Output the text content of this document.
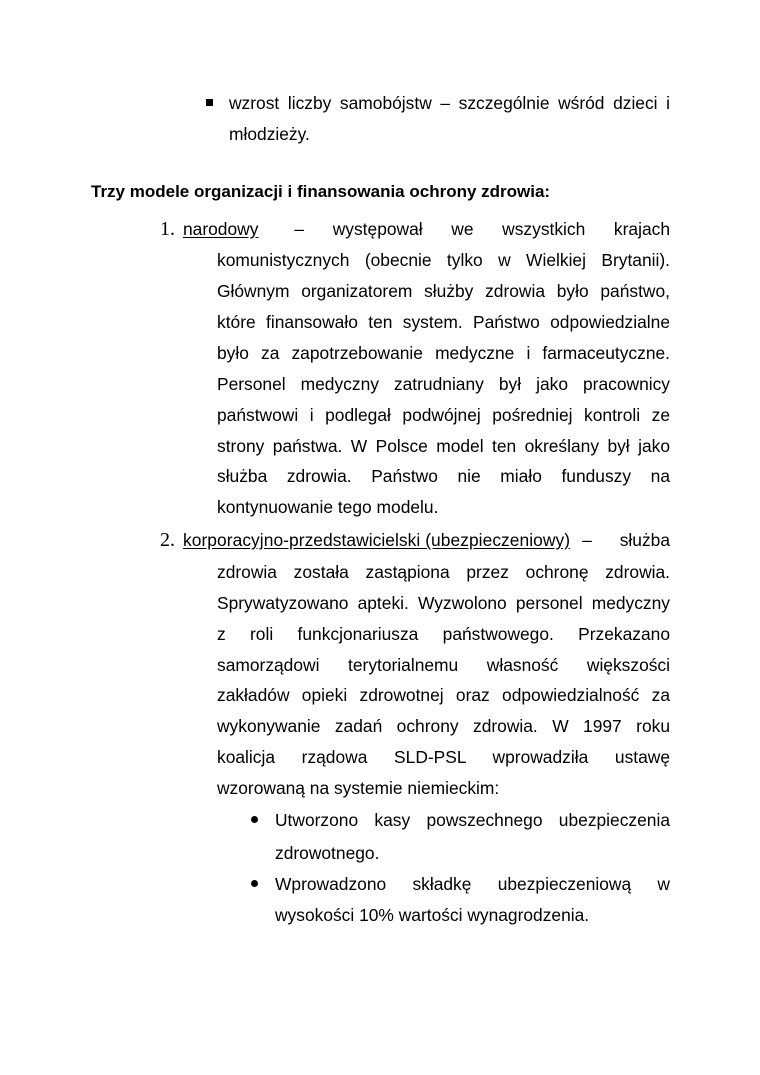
wzrost liczby samobójstw – szczególnie wśród dzieci i
młodzieży.
Trzy modele organizacji i finansowania ochrony zdrowia:
1. narodowy – występował we wszystkich krajach
komunistycznych (obecnie tylko w Wielkiej Brytanii).
Głównym organizatorem służby zdrowia było państwo,
które finansowało ten system. Państwo odpowiedzialne
było za zapotrzebowanie medyczne i farmaceutyczne.
Personel medyczny zatrudniany był jako pracownicy
państwowi i podlegał podwójnej pośredniej kontroli ze
strony państwa. W Polsce model ten określany był jako
służba zdrowia. Państwo nie miało funduszy na
kontynuowanie tego modelu.
2. korporacyjno-przedstawicielski (ubezpieczeniowy) – służba
zdrowia została zastąpiona przez ochronę zdrowia.
Sprywatyzowano apteki. Wyzwolono personel medyczny
z roli funkcjonariusza państwowego. Przekazano
samorządowi terytorialnemu własność większości
zakładów opieki zdrowotnej oraz odpowiedzialność za
wykonywanie zadań ochrony zdrowia. W 1997 roku
koalicja rządowa SLD-PSL wprowadziła ustawę
wzorowaną na systemie niemieckim:
Utworzono kasy powszechnego ubezpieczenia
zdrowotnego.
Wprowadzono składkę ubezpieczeniową w
wysokości 10% wartości wynagrodzenia.
